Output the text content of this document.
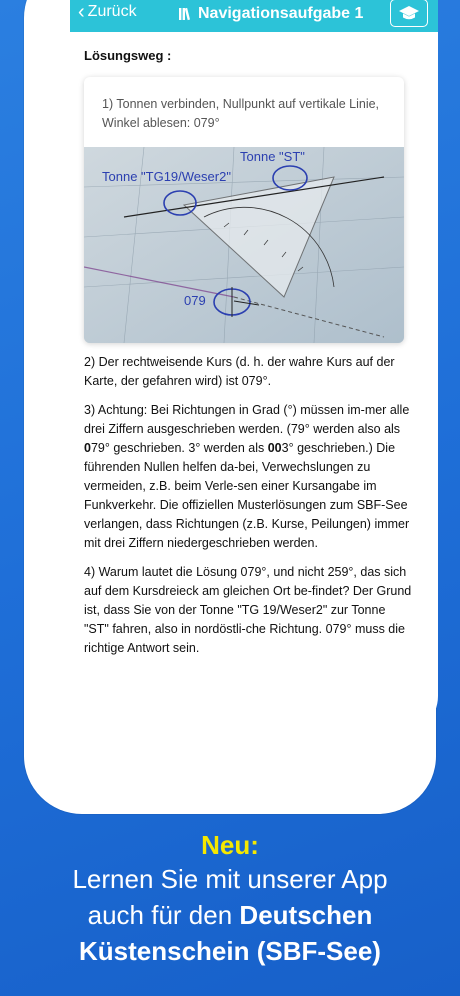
‹ Zurück	Navigationsaufgabe 1
Lösungsweg :
1) Tonnen verbinden, Nullpunkt auf vertikale Linie, Winkel ablesen: 079°
Tonne "ST"
Tonne "TG19/Weser2"
079

2) Der rechtweisende Kurs (d. h. der wahre Kurs auf der Karte, der gefahren wird) ist 079°.

3) Achtung: Bei Richtungen in Grad (°) müssen im-mer alle drei Ziffern ausgeschrieben werden. (79° werden also als 079° geschrieben. 3° werden als 003° geschrieben.) Die führenden Nullen helfen da-bei, Verwechslungen zu vermeiden, z.B. beim Verle-sen einer Kursangabe im Funkverkehr. Die offiziellen Musterlösungen zum SBF-See verlangen, dass Richtungen (z.B. Kurse, Peilungen) immer mit drei Ziffern niedergeschrieben werden.

4) Warum lautet die Lösung 079°, und nicht 259°, das sich auf dem Kursdreieck am gleichen Ort be-findet? Der Grund ist, dass Sie von der Tonne "TG 19/Weser2" zur Tonne "ST" fahren, also in nordöstli-che Richtung. 079° muss die richtige Antwort sein.

Neu:
Lernen Sie mit unserer App
auch für den Deutschen
Küstenschein (SBF-See)
